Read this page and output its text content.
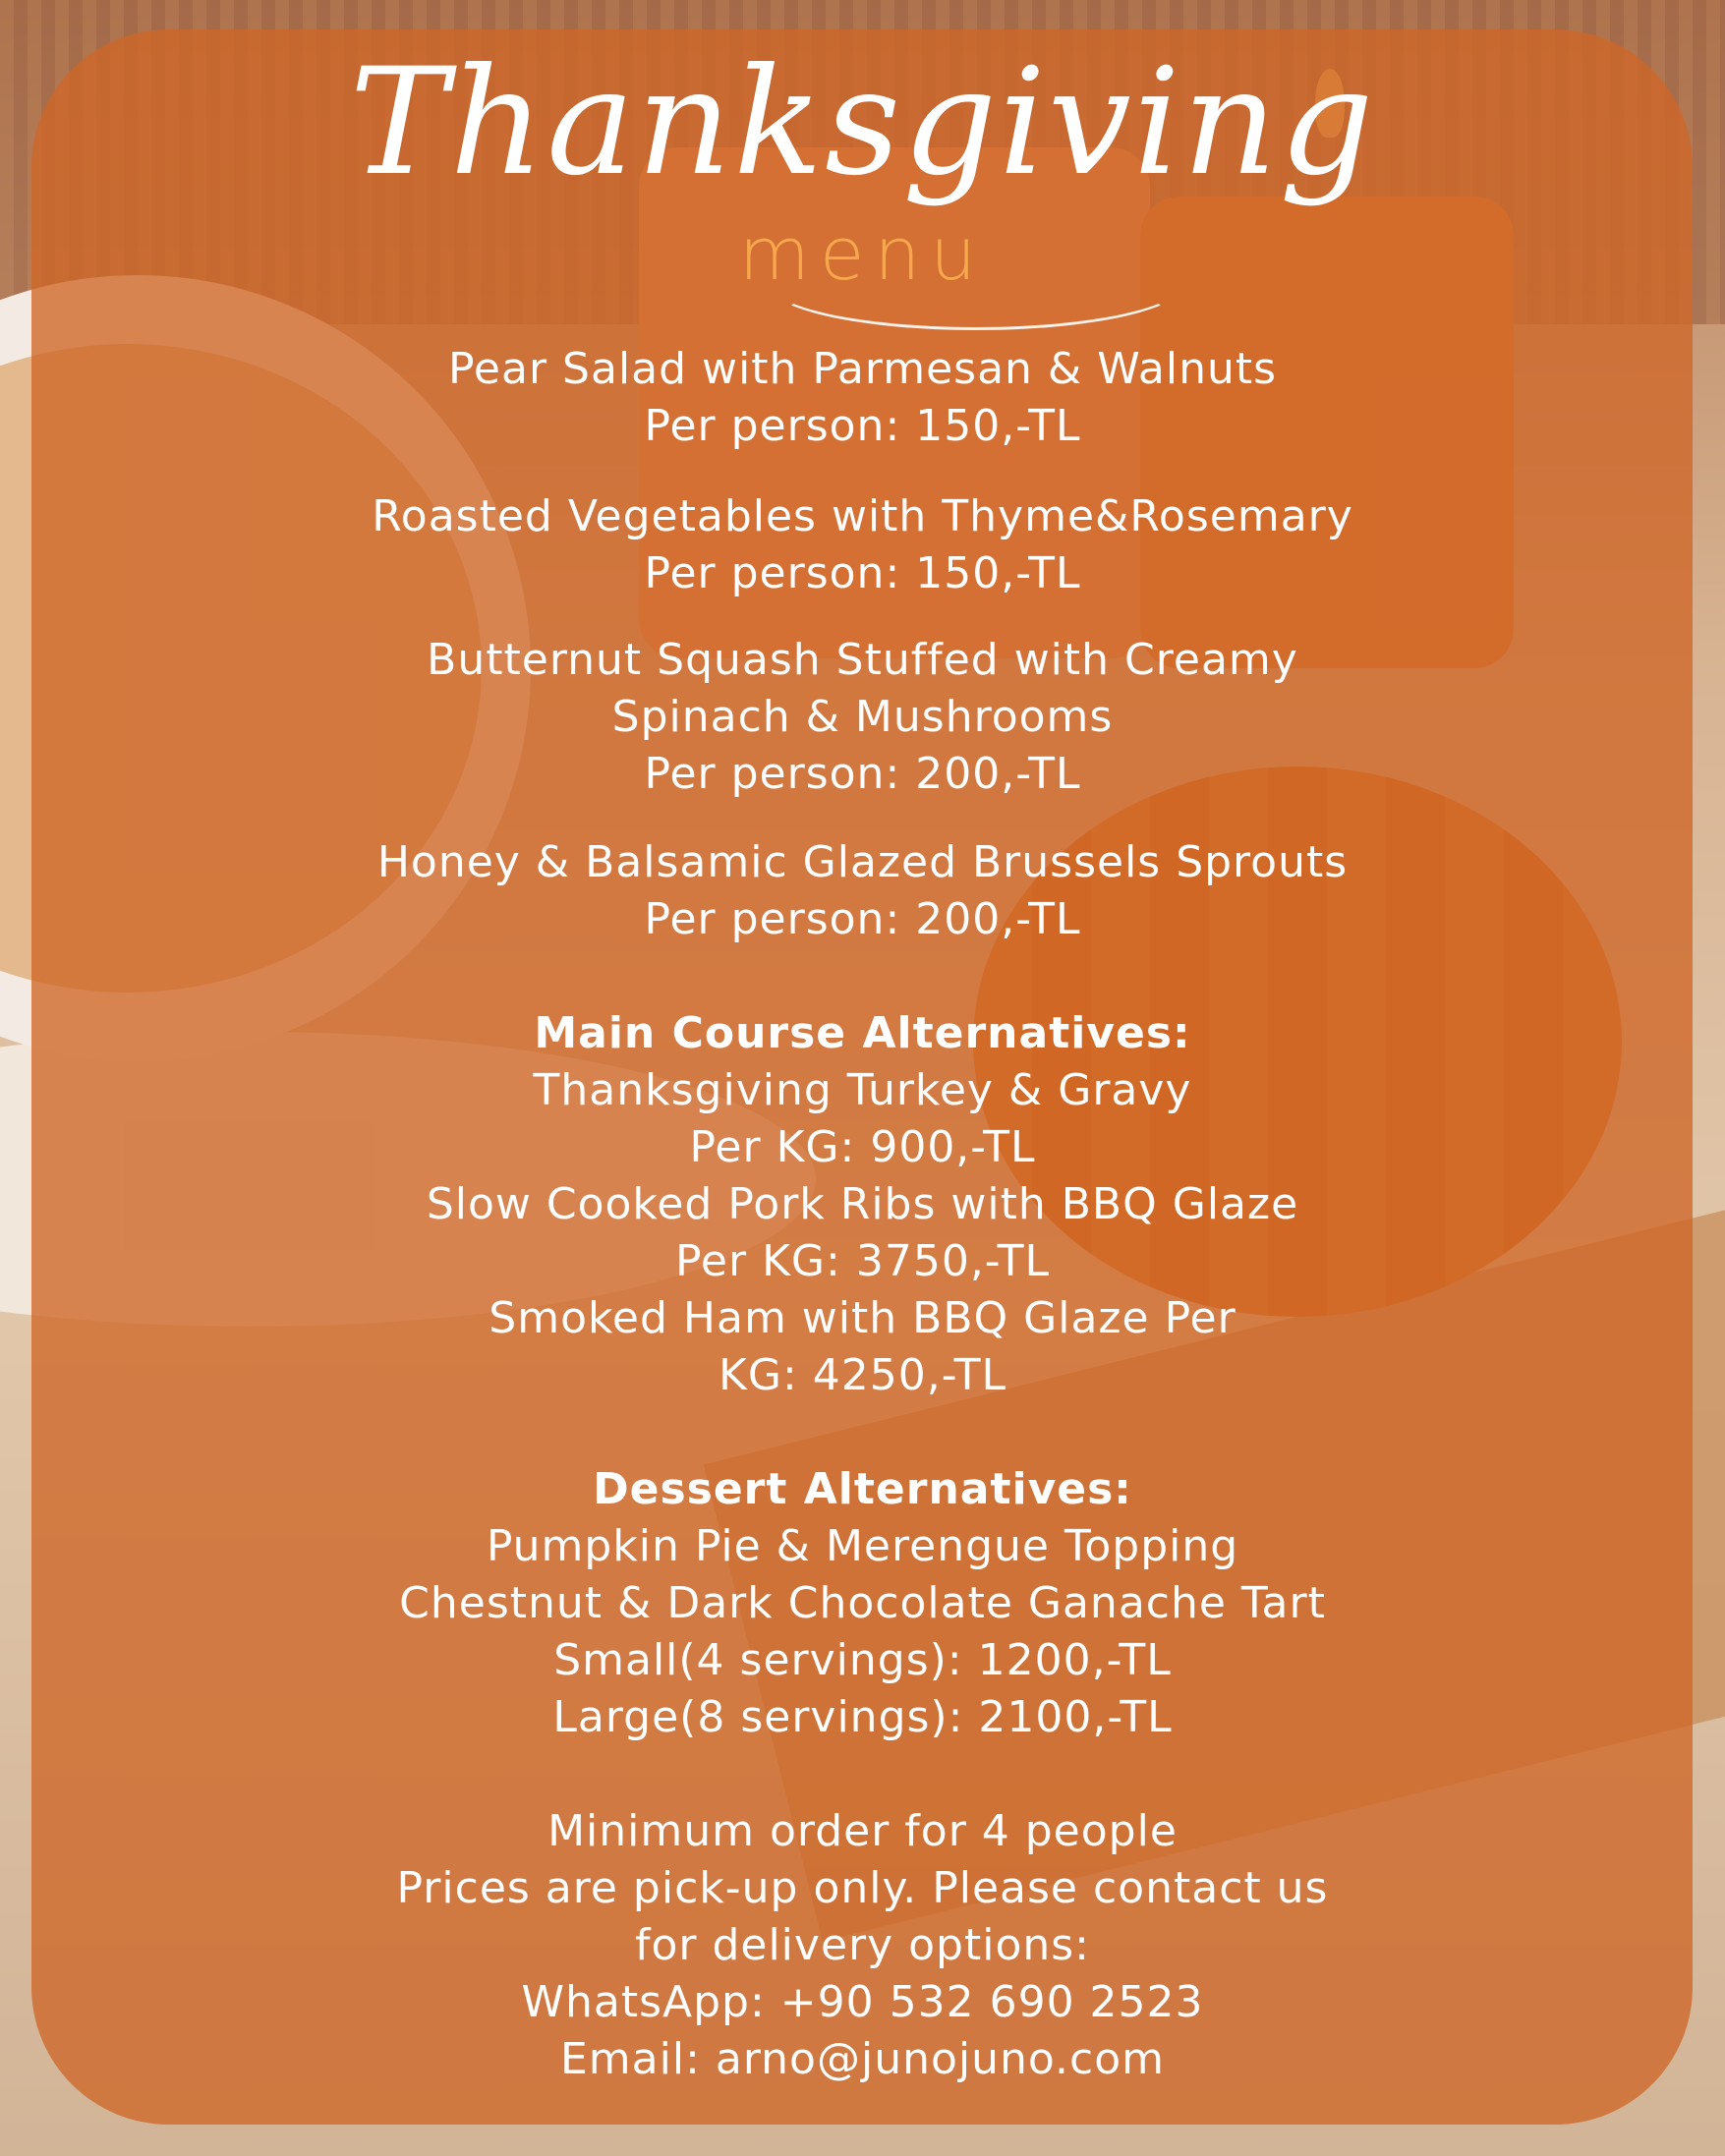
Thanksgiving
menu
Pear Salad with Parmesan & Walnuts
Per person: 150,-TL
Roasted Vegetables with Thyme&Rosemary
Per person: 150,-TL
Butternut Squash Stuffed with Creamy
Spinach & Mushrooms
Per person: 200,-TL
Honey & Balsamic Glazed Brussels Sprouts
Per person: 200,-TL
Main Course Alternatives:
Thanksgiving Turkey & Gravy
Per KG: 900,-TL
Slow Cooked Pork Ribs with BBQ Glaze
Per KG: 3750,-TL
Smoked Ham with BBQ Glaze Per
KG: 4250,-TL
Dessert Alternatives:
Pumpkin Pie & Merengue Topping
Chestnut & Dark Chocolate Ganache Tart
Small(4 servings): 1200,-TL
Large(8 servings): 2100,-TL
Minimum order for 4 people
Prices are pick-up only. Please contact us
for delivery options:
WhatsApp: +90 532 690 2523
Email: arno@junojuno.com
